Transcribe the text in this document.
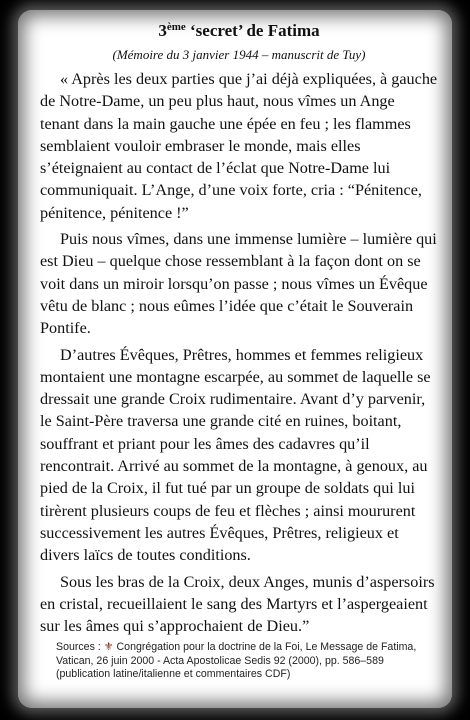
3ème ‘secret’ de Fatima

(Mémoire du 3 janvier 1944 – manuscrit de Tuy)

« Après les deux parties que j’ai déjà expliquées, à gauche de Notre-Dame, un peu plus haut, nous vîmes un Ange tenant dans la main gauche une épée en feu ; les flammes semblaient vouloir embraser le monde, mais elles s’éteignaient au contact de l’éclat que Notre-Dame lui communiquait. L’Ange, d’une voix forte, cria : “Pénitence, pénitence, pénitence !”

Puis nous vîmes, dans une immense lumière – lumière qui est Dieu – quelque chose ressemblant à la façon dont on se voit dans un miroir lorsqu’on passe ; nous vîmes un Évêque vêtu de blanc ; nous eûmes l’idée que c’était le Souverain Pontife.

D’autres Évêques, Prêtres, hommes et femmes religieux montaient une montagne escarpée, au sommet de laquelle se dressait une grande Croix rudimentaire. Avant d’y parvenir, le Saint-Père traversa une grande cité en ruines, boitant, souffrant et priant pour les âmes des cadavres qu’il rencontrait. Arrivé au sommet de la montagne, à genoux, au pied de la Croix, il fut tué par un groupe de soldats qui lui tirèrent plusieurs coups de feu et flèches ; ainsi moururent successivement les autres Évêques, Prêtres, religieux et divers laïcs de toutes conditions.

Sous les bras de la Croix, deux Anges, munis d’aspersoirs en cristal, recueillaient le sang des Martyrs et l’aspergeaient sur les âmes qui s’approchaient de Dieu.”

Sources : ⚜ Congrégation pour la doctrine de la Foi, Le Message de Fatima, Vatican, 26 juin 2000 - Acta Apostolicae Sedis 92 (2000), pp. 586–589 (publication latine/italienne et commentaires CDF)
